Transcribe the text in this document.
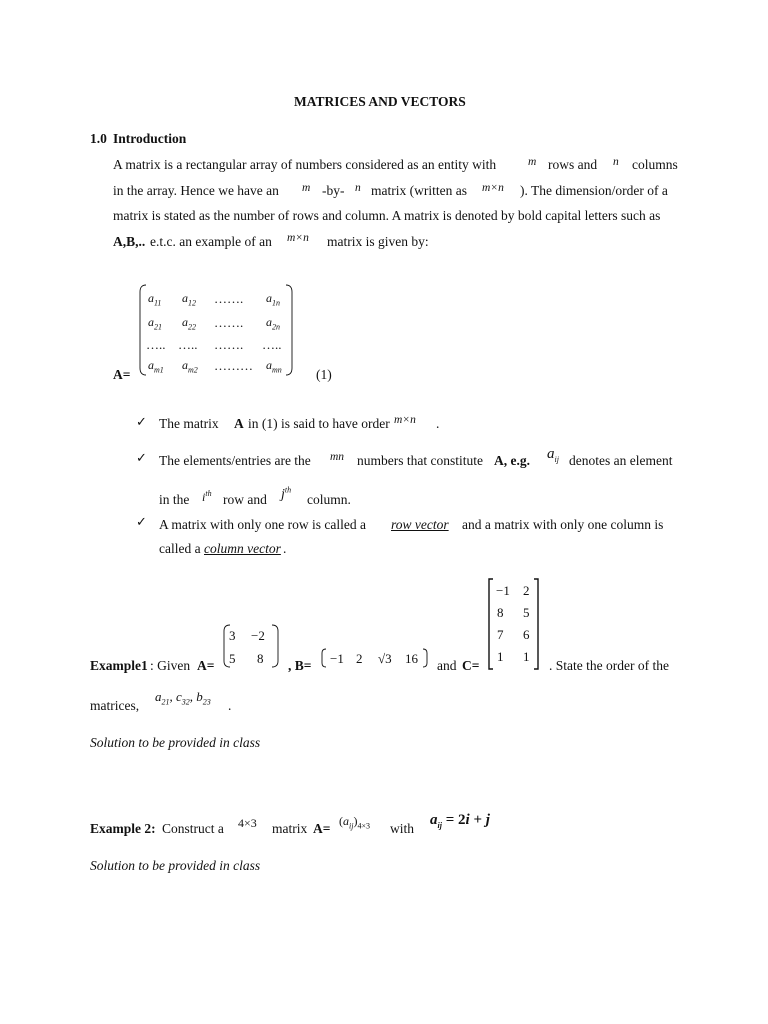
MATRICES AND VECTORS
1.0 Introduction
A matrix is a rectangular array of numbers considered as an entity with	m rows and n columns
in the array. Hence we have an m -by- n matrix (written as m×n ). The dimension/order of a
matrix is stated as the number of rows and column. A matrix is denoted by bold capital letters such as
A,B,.. e.t.c. an example of an m×n matrix is given by:
A=
$a_{11}$ $a_{12}$ ……. $a_{1n}$
$a_{21}$ $a_{22}$ ……. $a_{2n}$
….. ….. ……. …..
$a_{m1}$ $a_{m2}$ ……… $a_{mn}$	(1)
✓ The matrix A in (1) is said to have order m×n .
✓ The elements/entries are the mn numbers that constitute A, e.g. $a_{ij}$ denotes an element
in the $i^{th}$ row and $j^{th}$
column.
✓ A matrix with only one row is called a row vector and a matrix with only one column is
called a column vector .
Example1 : Given A=
3 −2
5 8 , B= −1 2 √3 16 and C=
−1 2
8 5
7 6
1 1
. State the order of the
matrices,
$a_{21}$, $c_{32}$, $b_{23}$ .
Solution to be provided in class
Example 2: Construct a 4×3 matrix $A= (a_{ij})_{4\times 3}$ with
$a_{ij} = 2i + j$
Solution to be provided in class
